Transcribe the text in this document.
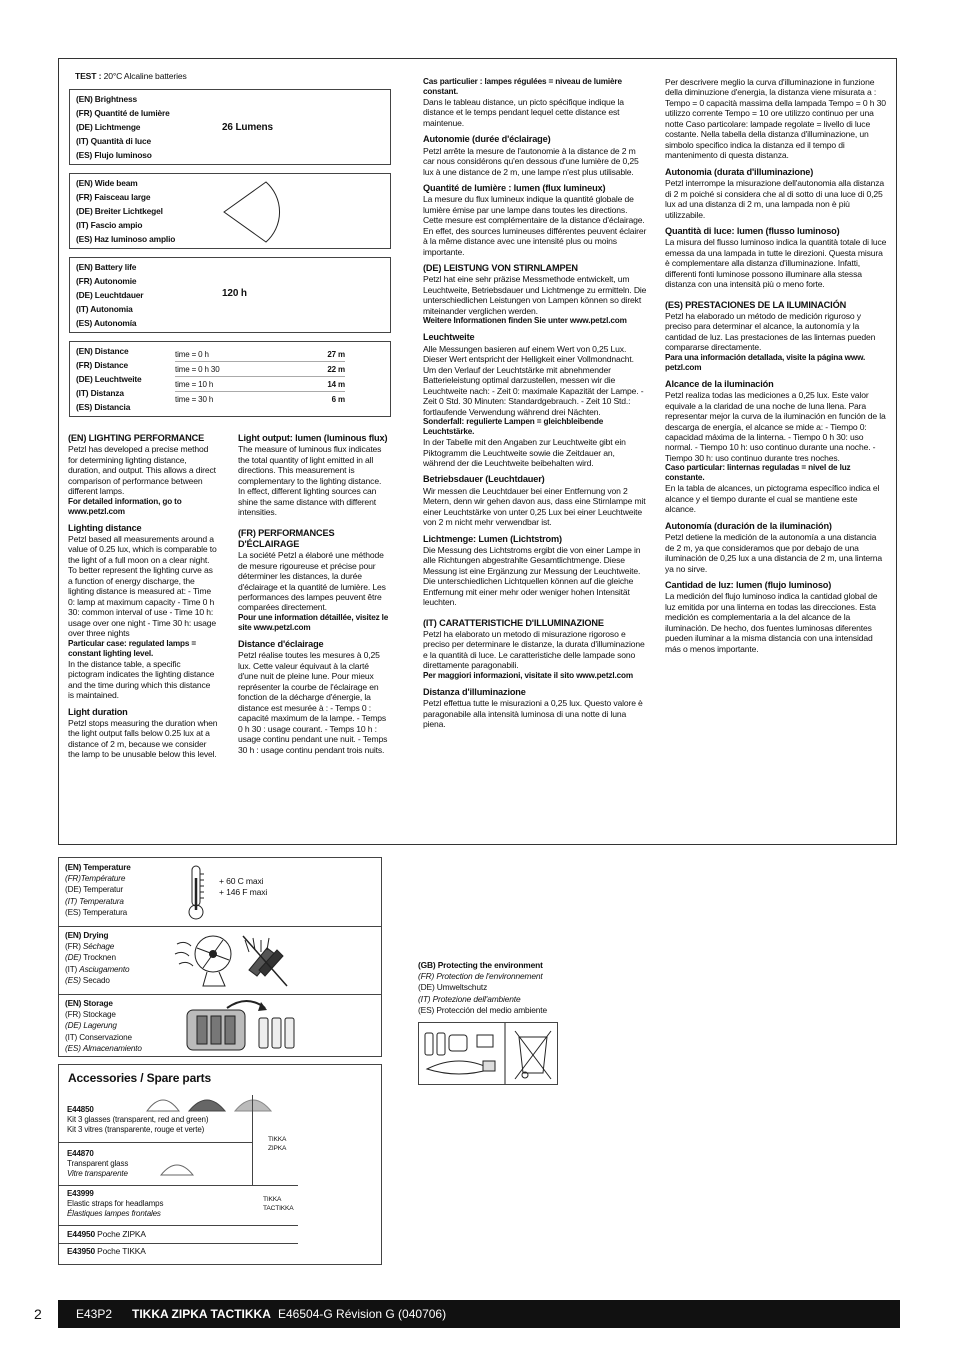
TEST : 20°C Alcaline batteries
(EN) Brightness
(FR) Quantité de lumière
(DE) Lichtmenge
(IT) Quantità di luce
(ES) Flujo luminoso
26 Lumens
(EN) Wide beam
(FR) Faisceau large
(DE) Breiter Lichtkegel
(IT) Fascio ampio
(ES) Haz luminoso amplio
(EN) Battery life
(FR) Autonomie
(DE) Leuchtdauer
(IT) Autonomia
(ES) Autonomía
120 h
(EN) Distance
(FR) Distance
(DE) Leuchtweite
(IT) Distanza
(ES) Distancia
time = 0 h	27 m
time = 0 h 30	22 m
time = 10 h	14 m
time = 30 h	6 m
(EN) LIGHTING PERFORMANCE

Petzl has developed a precise method for determining lighting distance, duration, and output. This allows a direct comparison of performance between different lamps.

For detailed information, go to www.petzl.com

Lighting distance

Petzl based all measurements around a value of 0.25 lux, which is comparable to the light of a full moon on a clear night. To better represent the lighting curve as a function of energy discharge, the lighting distance is measured at: - Time 0: lamp at maximum capacity - Time 0 h 30: common interval of use - Time 10 h: usage over one night - Time 30 h: usage over three nights

Particular case: regulated lamps = constant lighting level.

In the distance table, a specific pictogram indicates the lighting distance and the time during which this distance is maintained.

Light duration

Petzl stops measuring the duration when the light output falls below 0.25 lux at a distance of 2 m, because we consider the lamp to be unusable below this level.

Light output: lumen (luminous flux)

The measure of luminous flux indicates the total quantity of light emitted in all directions. This measurement is complementary to the lighting distance. In effect, different lighting sources can shine the same distance with different intensities.

(FR) PERFORMANCES D'ÉCLAIRAGE

La société Petzl a élaboré une méthode de mesure rigoureuse et précise pour déterminer les distances, la durée d'éclairage et la quantité de lumière. Les performances des lampes peuvent être comparées directement.

Pour une information détaillée, visitez le site www.petzl.com

Distance d'éclairage

Petzl réalise toutes les mesures à 0,25 lux. Cette valeur équivaut à la clarté d'une nuit de pleine lune. Pour mieux représenter la courbe de l'éclairage en fonction de la décharge d'énergie, la distance est mesurée à : - Temps 0 : capacité maximum de la lampe. - Temps 0 h 30 : usage courant. - Temps 10 h : usage continu pendant une nuit. - Temps 30 h : usage continu pendant trois nuits.

Cas particulier : lampes régulées = niveau de lumière constant.

Dans le tableau distance, un picto spécifique indique la distance et le temps pendant lequel cette distance est maintenue.

Autonomie (durée d'éclairage)

Petzl arrête la mesure de l'autonomie à la distance de 2 m car nous considérons qu'en dessous d'une lumière de 0,25 lux à une distance de 2 m, une lampe n'est plus utilisable.

Quantité de lumière : lumen (flux lumineux)

La mesure du flux lumineux indique la quantité globale de lumière émise par une lampe dans toutes les directions. Cette mesure est complémentaire de la distance d'éclairage. En effet, des sources lumineuses différentes peuvent éclairer à la même distance avec une intensité plus ou moins importante.

(DE) LEISTUNG VON STIRNLAMPEN

Petzl hat eine sehr präzise Messmethode entwickelt, um Leuchtweite, Betriebsdauer und Lichtmenge zu ermitteln. Die unterschiedlichen Leistungen von Lampen können so direkt miteinander verglichen werden.

Weitere Informationen finden Sie unter www.petzl.com

Leuchtweite

Alle Messungen basieren auf einem Wert von 0,25 Lux. Dieser Wert entspricht der Helligkeit einer Vollmondnacht. Um den Verlauf der Leuchtstärke mit abnehmender Batterieleistung optimal darzustellen, messen wir die Leuchtweite nach: - Zeit 0: maximale Kapazität der Lampe. - Zeit 0 Std. 30 Minuten: Standardgebrauch. - Zeit 10 Std.: fortlaufende Verwendung während drei Nächten.

Sonderfall: regulierte Lampen = gleichbleibende Leuchtstärke.

In der Tabelle mit den Angaben zur Leuchtweite gibt ein Piktogramm die Leuchtweite sowie die Zeitdauer an, während der die Leuchtweite beibehalten wird.

Betriebsdauer (Leuchtdauer)

Wir messen die Leuchtdauer bei einer Entfernung von 2 Metern, denn wir gehen davon aus, dass eine Stirnlampe mit einer Leuchtstärke von unter 0,25 Lux bei einer Leuchtweite von 2 m nicht mehr verwendbar ist.

Lichtmenge: Lumen (Lichtstrom)

Die Messung des Lichtstroms ergibt die von einer Lampe in alle Richtungen abgestrahlte Gesamtlichtmenge. Diese Messung ist eine Ergänzung zur Messung der Leuchtweite. Die unterschiedlichen Lichtquellen können auf die gleiche Entfernung mit einer mehr oder weniger hohen Intensität leuchten.

(IT) CARATTERISTICHE D'ILLUMINAZIONE

Petzl ha elaborato un metodo di misurazione rigoroso e preciso per determinare le distanze, la durata d'illuminazione e la quantità di luce. Le caratteristiche delle lampade sono direttamente paragonabili.

Per maggiori informazioni, visitate il sito www.petzl.com

Distanza d'illuminazione

Petzl effettua tutte le misurazioni a 0,25 lux. Questo valore è paragonabile alla intensità luminosa di una notte di luna piena.

Per descrivere meglio la curva d'illuminazione in funzione della diminuzione d'energia, la distanza viene misurata a : Tempo = 0 capacità massima della lampada Tempo = 0 h 30 utilizzo corrente Tempo = 10 ore utilizzo continuo per una notte Caso particolare: lampade regolate = livello di luce costante. Nella tabella della distanza d'illuminazione, un simbolo specifico indica la distanza ed il tempo di mantenimento di questa distanza.

Autonomia (durata d'illuminazione)

Petzl interrompe la misurazione dell'autonomia alla distanza di 2 m poiché si considera che al di sotto di una luce di 0,25 lux ad una distanza di 2 m, una lampada non è più utilizzabile.

Quantità di luce: lumen (flusso luminoso)

La misura del flusso luminoso indica la quantità totale di luce emessa da una lampada in tutte le direzioni. Questa misura è complementare alla distanza d'illuminazione. Infatti, differenti fonti luminose possono illuminare alla stessa distanza con una intensità più o meno forte.

(ES) PRESTACIONES DE LA ILUMINACIÓN

Petzl ha elaborado un método de medición riguroso y preciso para determinar el alcance, la autonomía y la cantidad de luz. Las prestaciones de las linternas pueden compararse directamente.

Para una información detallada, visite la página www. petzl.com

Alcance de la iluminación

Petzl realiza todas las mediciones a 0,25 lux. Este valor equivale a la claridad de una noche de luna llena. Para representar mejor la curva de la iluminación en función de la descarga de energía, el alcance se mide a: - Tiempo 0: capacidad máxima de la linterna. - Tiempo 0 h 30: uso normal. - Tiempo 10 h: uso continuo durante una noche. - Tiempo 30 h: uso continuo durante tres noches.

Caso particular: linternas reguladas = nivel de luz constante.

En la tabla de alcances, un pictograma específico indica el alcance y el tiempo durante el cual se mantiene este alcance.

Autonomía (duración de la iluminación)

Petzl detiene la medición de la autonomía a una distancia de 2 m, ya que consideramos que por debajo de una iluminación de 0,25 lux a una distancia de 2 m, una linterna ya no sirve.

Cantidad de luz: lumen (flujo luminoso)

La medición del flujo luminoso indica la cantidad global de luz emitida por una linterna en todas las direcciones. Esta medición es complementaria a la del alcance de la iluminación. De hecho, dos fuentes luminosas diferentes pueden iluminar a la misma distancia con una intensidad más o menos importante.

(EN) Temperature
(FR)Température
(DE) Temperatur
(IT) Temperatura
(ES) Temperatura
+ 60 C maxi
+ 146 F maxi
(EN) Drying
(FR) Séchage
(DE) Trocknen
(IT) Asciugamento
(ES) Secado
(EN) Storage
(FR) Stockage
(DE) Lagerung
(IT) Conservazione
(ES) Almacenamiento
Accessories / Spare parts
E44850
Kit 3 glasses (transparent, red and green)
Kit 3 vitres (transparente, rouge et verte)
E44870
Transparent glass
Vitre transparente
E43999
Elastic straps for headlamps
Élastiques lampes frontales
E44950 Poche ZIPKA
E43950 Poche TIKKA
TIKKA
ZIPKA
TIKKA
TACTIKKA
(GB) Protecting the environment
(FR) Protection de l'environnement
(DE) Umweltschutz
(IT) Protezione dell'ambiente
(ES) Protección del medio ambiente
2	E43P2 TIKKA ZIPKA TACTIKKA E46504-G Révision G (040706)
